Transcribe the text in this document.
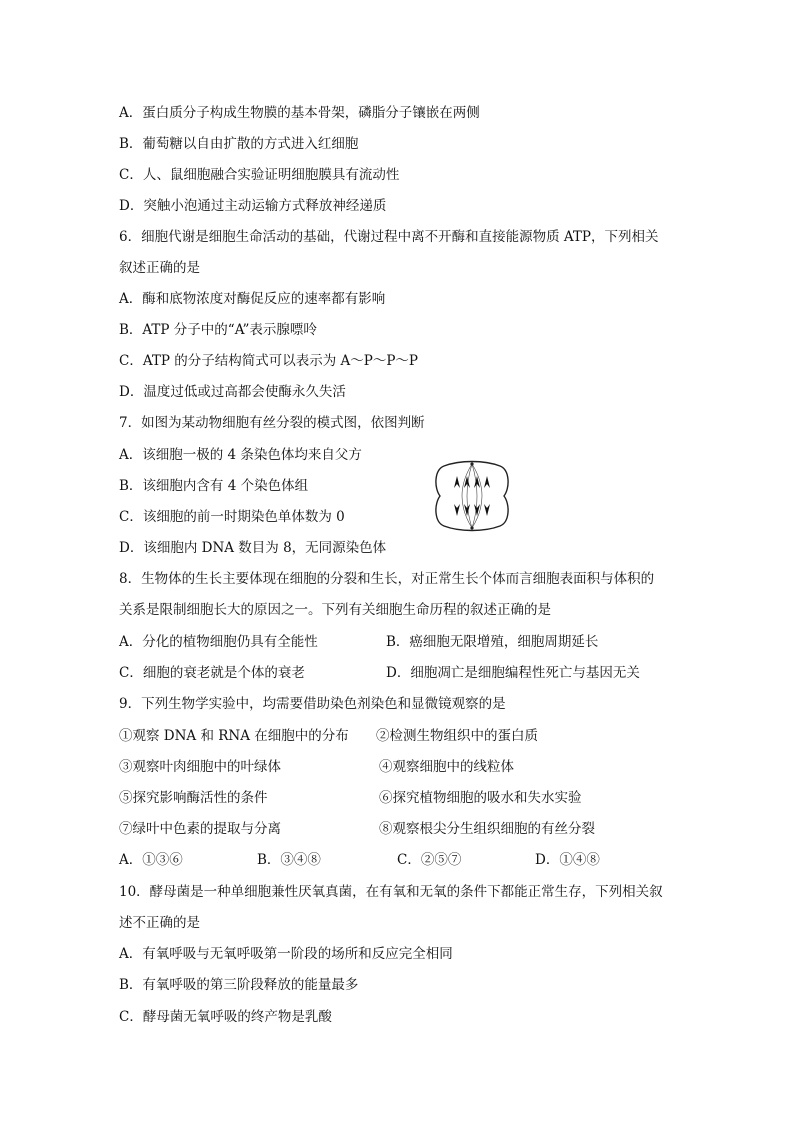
A．蛋白质分子构成生物膜的基本骨架，磷脂分子镶嵌在两侧
B．葡萄糖以自由扩散的方式进入红细胞
C．人、鼠细胞融合实验证明细胞膜具有流动性
D．突触小泡通过主动运输方式释放神经递质
6．细胞代谢是细胞生命活动的基础，代谢过程中离不开酶和直接能源物质 ATP，下列相关
叙述正确的是
A．酶和底物浓度对酶促反应的速率都有影响
B．ATP 分子中的“A”表示腺嘌呤
C．ATP 的分子结构简式可以表示为 A～P～P～P
D．温度过低或过高都会使酶永久失活
7．如图为某动物细胞有丝分裂的模式图，依图判断
A．该细胞一极的 4 条染色体均来自父方
B．该细胞内含有 4 个染色体组
C．该细胞的前一时期染色单体数为 0
D．该细胞内 DNA 数目为 8，无同源染色体
8．生物体的生长主要体现在细胞的分裂和生长，对正常生长个体而言细胞表面积与体积的
关系是限制细胞长大的原因之一。下列有关细胞生命历程的叙述正确的是
A．分化的植物细胞仍具有全能性	B．癌细胞无限增殖，细胞周期延长
C．细胞的衰老就是个体的衰老	D．细胞凋亡是细胞编程性死亡与基因无关
9．下列生物学实验中，均需要借助染色剂染色和显微镜观察的是
①观察 DNA 和 RNA 在细胞中的分布 ②检测生物组织中的蛋白质
③观察叶肉细胞中的叶绿体	④观察细胞中的线粒体
⑤探究影响酶活性的条件	⑥探究植物细胞的吸水和失水实验
⑦绿叶中色素的提取与分离	⑧观察根尖分生组织细胞的有丝分裂
A．①③⑥	B．③④⑧	C．②⑤⑦	D．①④⑧
10．酵母菌是一种单细胞兼性厌氧真菌，在有氧和无氧的条件下都能正常生存，下列相关叙
述不正确的是
A．有氧呼吸与无氧呼吸第一阶段的场所和反应完全相同
B．有氧呼吸的第三阶段释放的能量最多
C．酵母菌无氧呼吸的终产物是乳酸
